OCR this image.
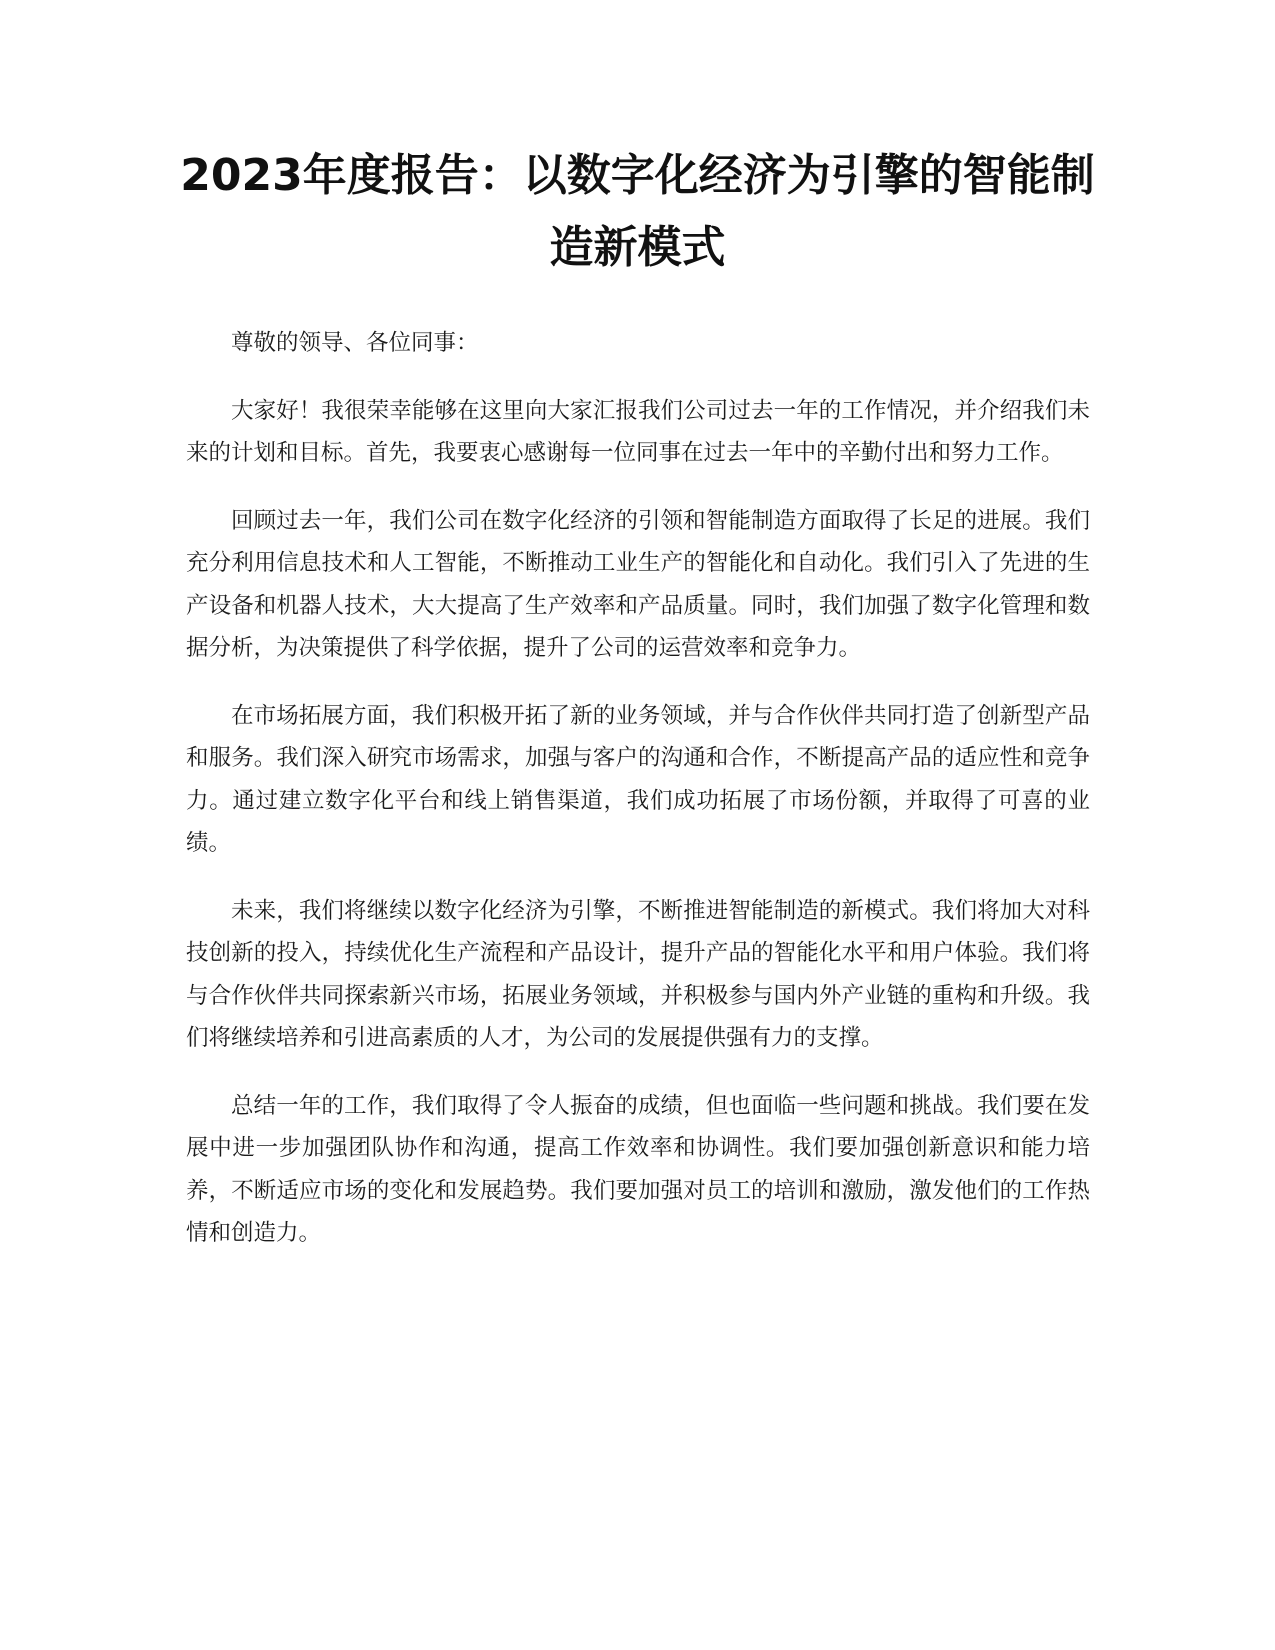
2023年度报告：以数字化经济为引擎的智能制造新模式

尊敬的领导、各位同事：

大家好！我很荣幸能够在这里向大家汇报我们公司过去一年的工作情况，并介绍我们未来的计划和目标。首先，我要衷心感谢每一位同事在过去一年中的辛勤付出和努力工作。

回顾过去一年，我们公司在数字化经济的引领和智能制造方面取得了长足的进展。我们充分利用信息技术和人工智能，不断推动工业生产的智能化和自动化。我们引入了先进的生产设备和机器人技术，大大提高了生产效率和产品质量。同时，我们加强了数字化管理和数据分析，为决策提供了科学依据，提升了公司的运营效率和竞争力。

在市场拓展方面，我们积极开拓了新的业务领域，并与合作伙伴共同打造了创新型产品和服务。我们深入研究市场需求，加强与客户的沟通和合作，不断提高产品的适应性和竞争力。通过建立数字化平台和线上销售渠道，我们成功拓展了市场份额，并取得了可喜的业绩。

未来，我们将继续以数字化经济为引擎，不断推进智能制造的新模式。我们将加大对科技创新的投入，持续优化生产流程和产品设计，提升产品的智能化水平和用户体验。我们将与合作伙伴共同探索新兴市场，拓展业务领域，并积极参与国内外产业链的重构和升级。我们将继续培养和引进高素质的人才，为公司的发展提供强有力的支撑。

总结一年的工作，我们取得了令人振奋的成绩，但也面临一些问题和挑战。我们要在发展中进一步加强团队协作和沟通，提高工作效率和协调性。我们要加强创新意识和能力培养，不断适应市场的变化和发展趋势。我们要加强对员工的培训和激励，激发他们的工作热情和创造力。
